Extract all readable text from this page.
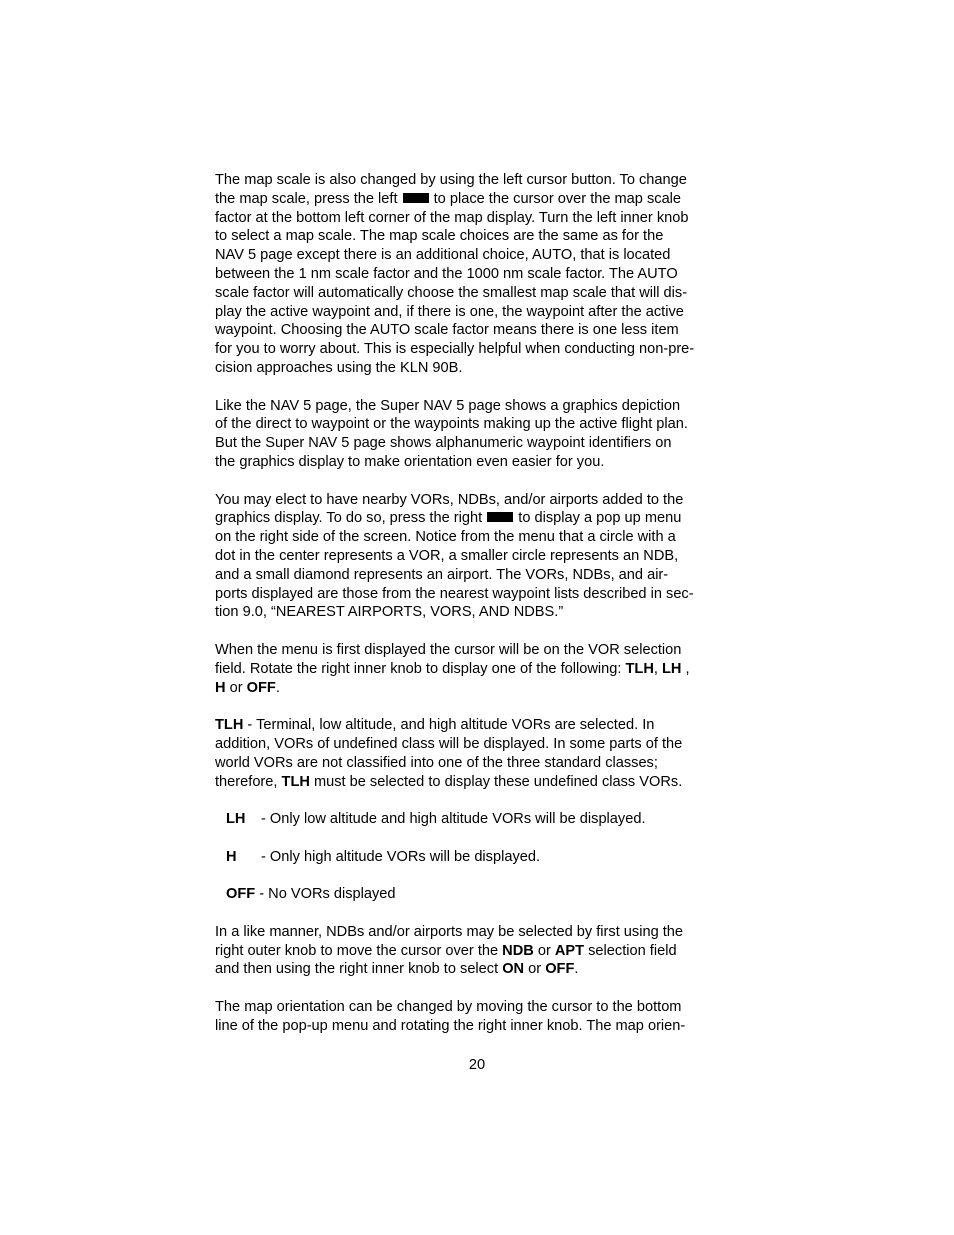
The map scale is also changed by using the left cursor button. To change
the map scale, press the left  to place the cursor over the map scale
factor at the bottom left corner of the map display. Turn the left inner knob
to select a map scale. The map scale choices are the same as for the
NAV 5 page except there is an additional choice, AUTO, that is located
between the 1 nm scale factor and the 1000 nm scale factor. The AUTO
scale factor will automatically choose the smallest map scale that will dis-
play the active waypoint and, if there is one, the waypoint after the active
waypoint. Choosing the AUTO scale factor means there is one less item
for you to worry about. This is especially helpful when conducting non-pre-
cision approaches using the KLN 90B.

Like the NAV 5 page, the Super NAV 5 page shows a graphics depiction
of the direct to waypoint or the waypoints making up the active flight plan.
But the Super NAV 5 page shows alphanumeric waypoint identifiers on
the graphics display to make orientation even easier for you.

You may elect to have nearby VORs, NDBs, and/or airports added to the
graphics display. To do so, press the right  to display a pop up menu
on the right side of the screen. Notice from the menu that a circle with a
dot in the center represents a VOR, a smaller circle represents an NDB,
and a small diamond represents an airport. The VORs, NDBs, and air-
ports displayed are those from the nearest waypoint lists described in sec-
tion 9.0, “NEAREST AIRPORTS, VORS, AND NDBS.”

When the menu is first displayed the cursor will be on the VOR selection
field. Rotate the right inner knob to display one of the following: TLH, LH ,
H or OFF.

TLH - Terminal, low altitude, and high altitude VORs are selected. In
addition, VORs of undefined class will be displayed. In some parts of the
world VORs are not classified into one of the three standard classes;
therefore, TLH must be selected to display these undefined class VORs.

LH - Only low altitude and high altitude VORs will be displayed.

H - Only high altitude VORs will be displayed.

OFF - No VORs displayed

In a like manner, NDBs and/or airports may be selected by first using the
right outer knob to move the cursor over the NDB or APT selection field
and then using the right inner knob to select ON or OFF.

The map orientation can be changed by moving the cursor to the bottom
line of the pop-up menu and rotating the right inner knob. The map orien-

20
